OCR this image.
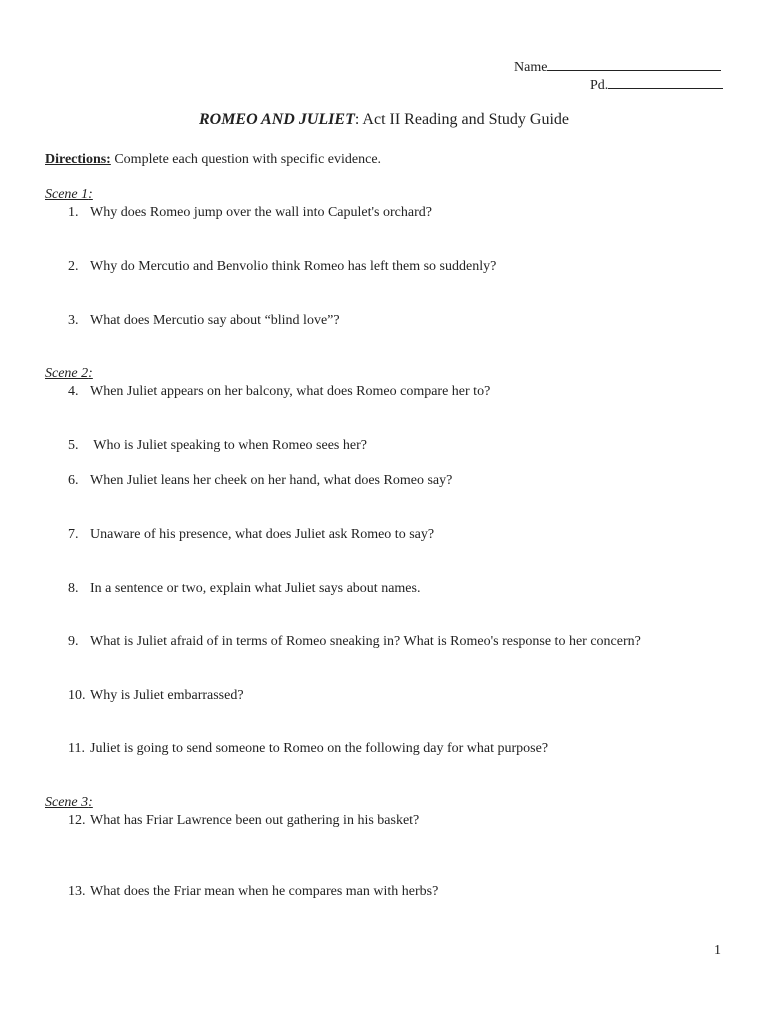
Name
Pd.
ROMEO AND JULIET: Act II Reading and Study Guide
Directions: Complete each question with specific evidence.
Scene 1:
1. Why does Romeo jump over the wall into Capulet's orchard?
2. Why do Mercutio and Benvolio think Romeo has left them so suddenly?
3. What does Mercutio say about “blind love”?
Scene 2:
4. When Juliet appears on her balcony, what does Romeo compare her to?
5. Who is Juliet speaking to when Romeo sees her?
6. When Juliet leans her cheek on her hand, what does Romeo say?
7. Unaware of his presence, what does Juliet ask Romeo to say?
8. In a sentence or two, explain what Juliet says about names.
9. What is Juliet afraid of in terms of Romeo sneaking in? What is Romeo's response to her concern?
10. Why is Juliet embarrassed?
11. Juliet is going to send someone to Romeo on the following day for what purpose?
Scene 3:
12. What has Friar Lawrence been out gathering in his basket?
13. What does the Friar mean when he compares man with herbs?
1
